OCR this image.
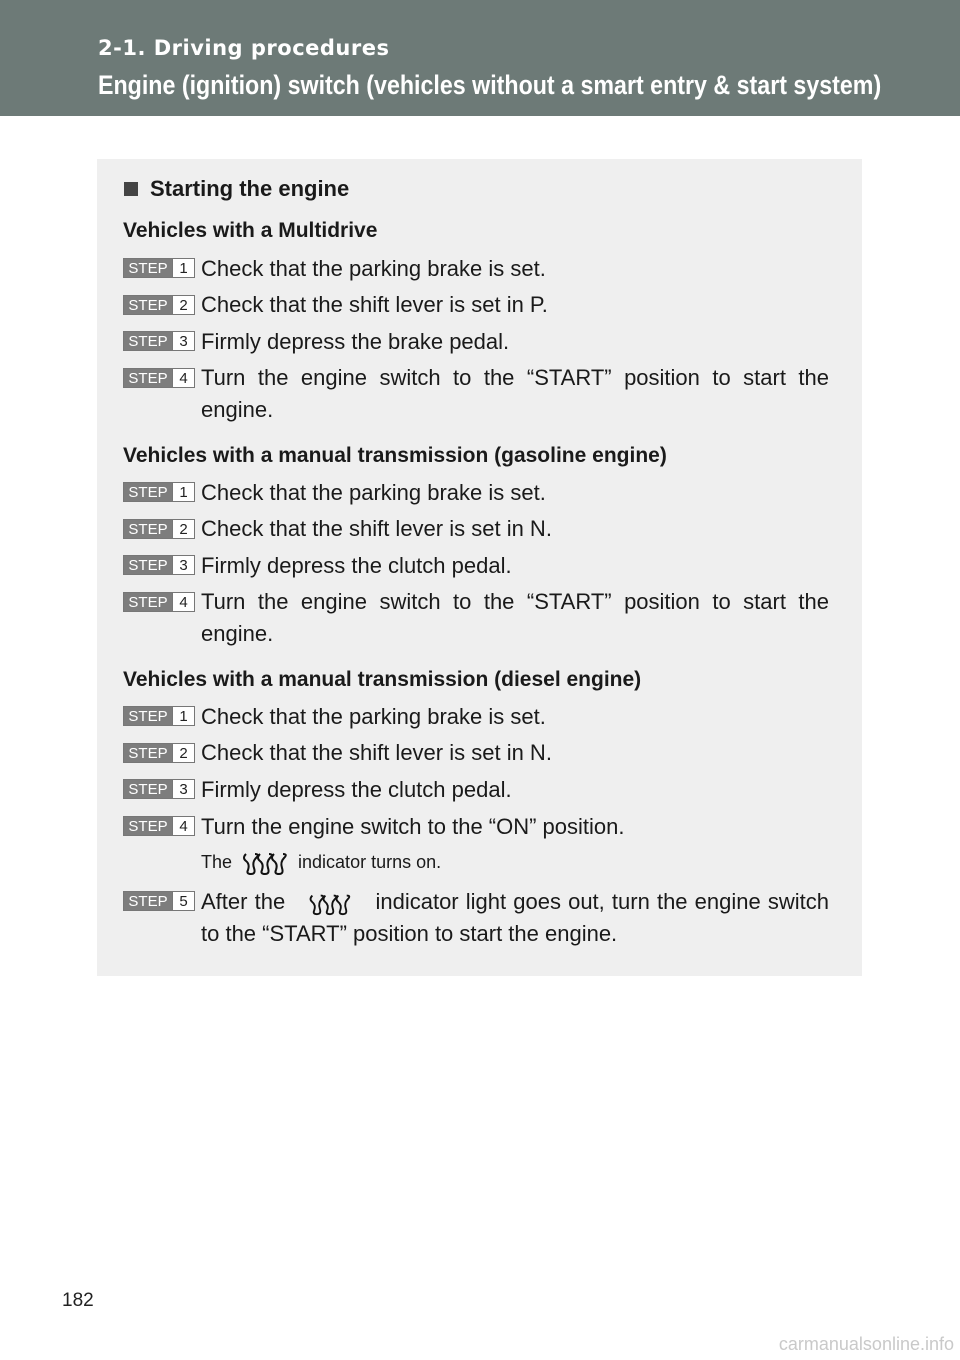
2-1. Driving procedures
Engine (ignition) switch (vehicles without a smart entry & start system)
Starting the engine
Vehicles with a Multidrive
STEP 1 Check that the parking brake is set.
STEP 2 Check that the shift lever is set in P.
STEP 3 Firmly depress the brake pedal.
STEP 4 Turn the engine switch to the “START” position to start the engine.
Vehicles with a manual transmission (gasoline engine)
STEP 1 Check that the parking brake is set.
STEP 2 Check that the shift lever is set in N.
STEP 3 Firmly depress the clutch pedal.
STEP 4 Turn the engine switch to the “START” position to start the engine.
Vehicles with a manual transmission (diesel engine)
STEP 1 Check that the parking brake is set.
STEP 2 Check that the shift lever is set in N.
STEP 3 Firmly depress the clutch pedal.
STEP 4 Turn the engine switch to the “ON” position.
The	indicator turns on.
STEP 5 After the	indicator light goes out, turn the engine switch to the “START” position to start the engine.
182
carmanualsonline.info
